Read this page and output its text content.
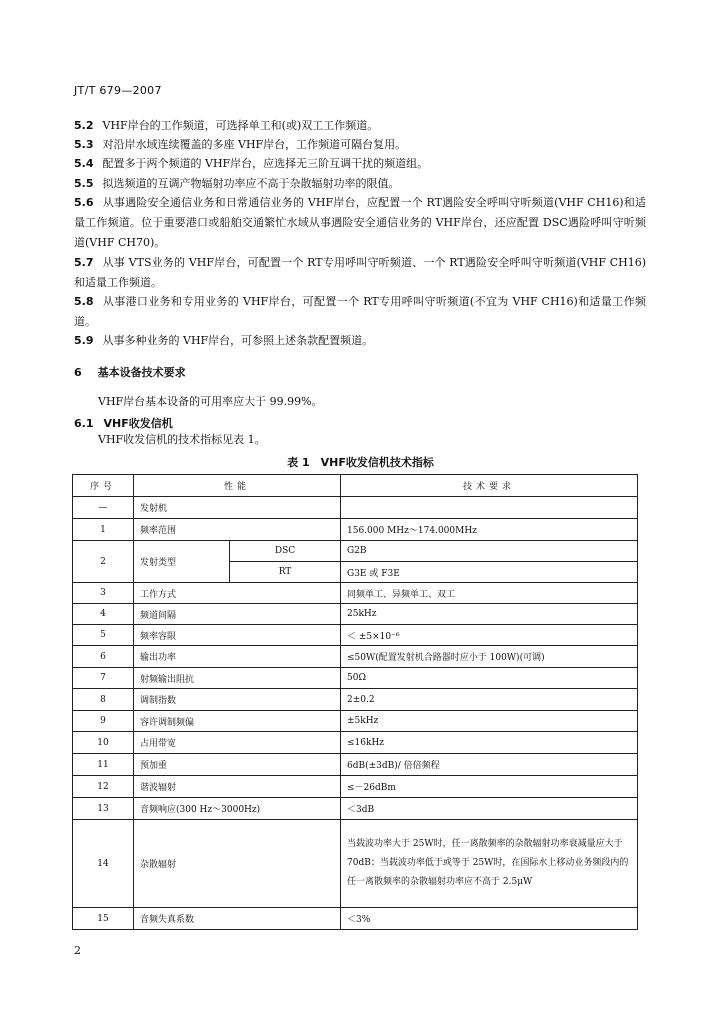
JT/T 679—2007
5.2 VHF岸台的工作频道，可选择单工和(或)双工工作频道。
5.3 对沿岸水域连续覆盖的多座 VHF岸台，工作频道可隔台复用。
5.4 配置多于两个频道的 VHF岸台，应选择无三阶互调干扰的频道组。
5.5 拟选频道的互调产物辐射功率应不高于杂散辐射功率的限值。
5.6 从事遇险安全通信业务和日常通信业务的 VHF岸台，应配置一个 RT遇险安全呼叫守听频道(VHF CH16)和适量工作频道。位于重要港口或船舶交通繁忙水域从事遇险安全通信业务的 VHF岸台，还应配置 DSC遇险呼叫守听频道(VHF CH70)。
5.7 从事 VTS业务的 VHF岸台，可配置一个 RT专用呼叫守听频道、一个 RT遇险安全呼叫守听频道(VHF CH16)和适量工作频道。
5.8 从事港口业务和专用业务的 VHF岸台，可配置一个 RT专用呼叫守听频道(不宜为 VHF CH16)和适量工作频道。
5.9 从事多种业务的 VHF岸台，可参照上述条款配置频道。
6 基本设备技术要求
VHF岸台基本设备的可用率应大于 99.99%。
6.1 VHF收发信机
VHF收发信机的技术指标见表 1。
表 1　VHF收发信机技术指标
序号	性能		技术要求
—	发射机		
1	频率范围		156.000 MHz～174.000MHz
2	发射类型	DSC	G2B
		RT	G3E 或 F3E
3	工作方式		同频单工、异频单工、双工
4	频道间隔		25kHz
5	频率容限		＜ ±5×10⁻⁶
6	输出功率		≤50W(配置发射机合路器时应小于 100W)(可调)
7	射频输出阻抗		50Ω
8	调制指数		2±0.2
9	容许调制频偏		±5kHz
10	占用带宽		≤16kHz
11	预加重		6dB(±3dB)/ 倍倍频程
12	谐波辐射		≤－26dBm
13	音频响应(300 Hz～3000Hz)		＜3dB
14	杂散辐射		当载波功率大于 25W时，任一离散频率的杂散辐射功率衰减量应大于 70dB；当载波功率低于或等于 25W时，在国际水上移动业务频段内的任一离散频率的杂散辐射功率应不高于 2.5μW
15	音频失真系数		＜3%
2
